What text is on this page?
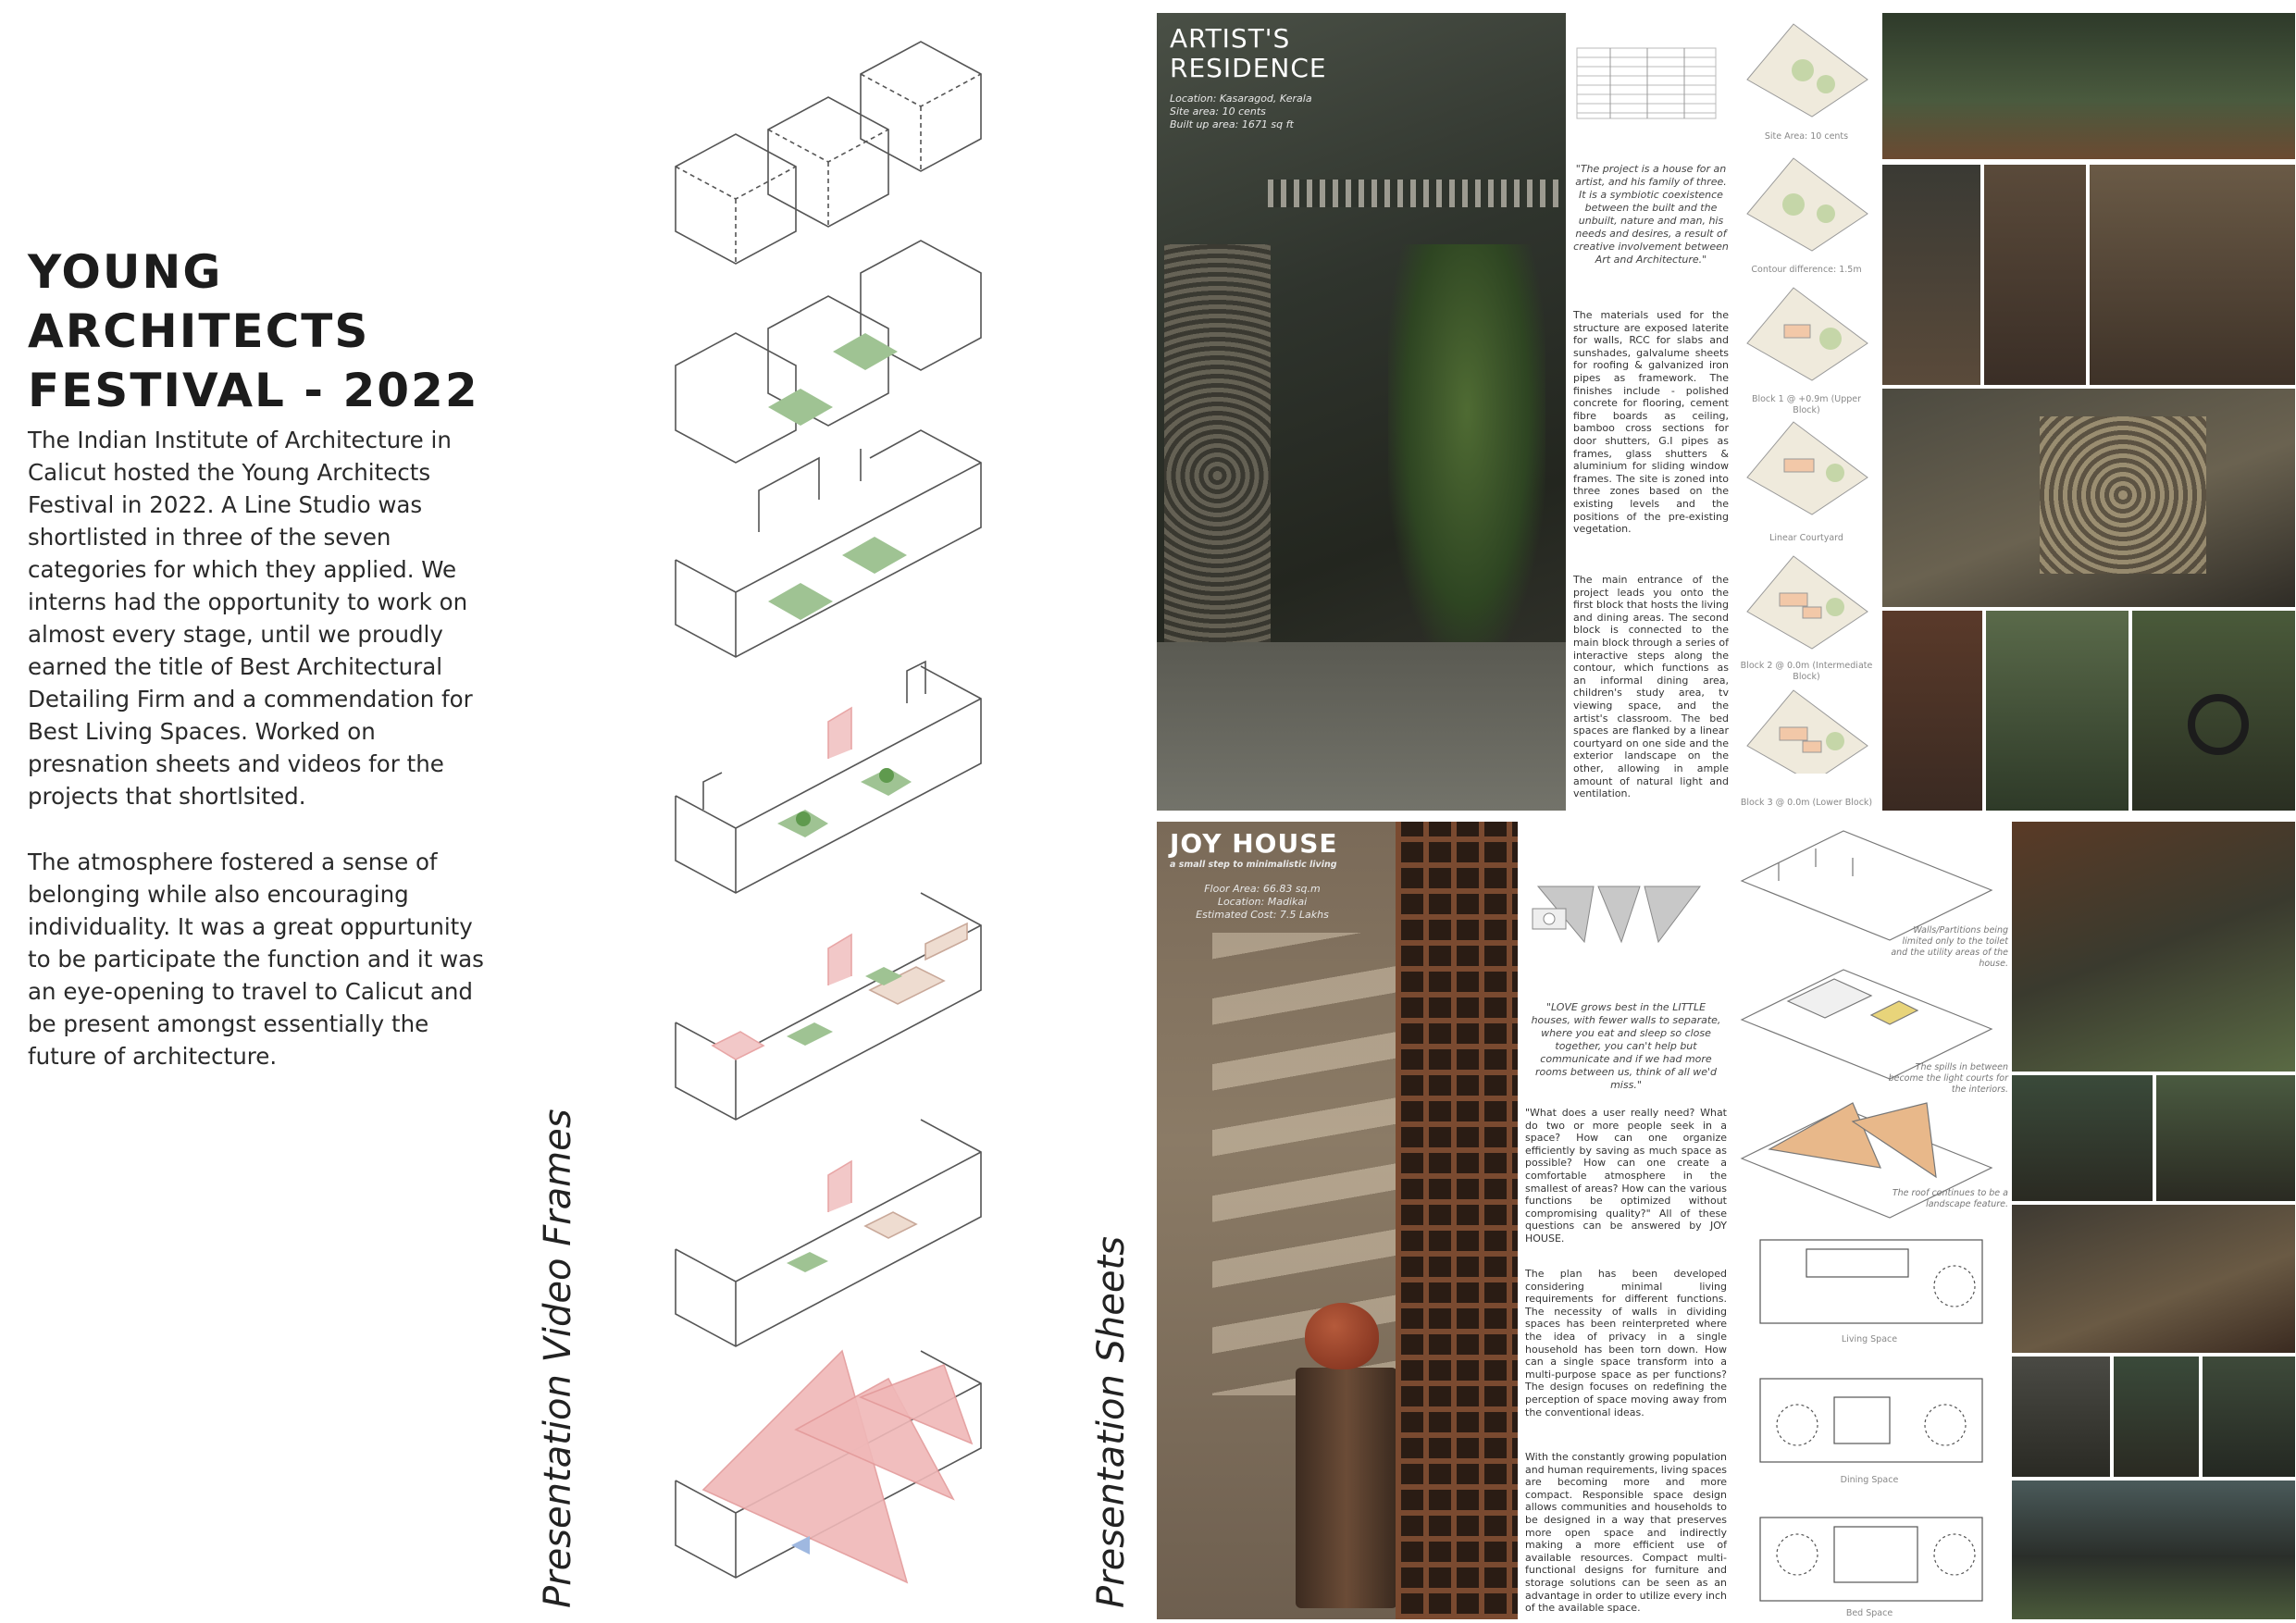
YOUNG ARCHITECTS
FESTIVAL - 2022

The Indian Institute of Architecture in Calicut hosted the Young Architects Festival in 2022. A Line Studio was shortlisted in three of the seven categories for which they applied. We interns had the opportunity to work on almost every stage, until we proudly earned the title of Best Architectural Detailing Firm and a commendation for Best Living Spaces. Worked on presnation sheets and videos for the projects that shortlsited.

The atmosphere fostered a sense of belonging while also encouraging individuality. It was a great oppurtunity to be participate the function and it was an eye-opening to travel to Calicut and be present amongst essentially the future of architecture.

Presentation Video Frames	Presentation Sheets

ARTIST'S

RESIDENCE

Location: Kasaragod, Kerala

Site area: 10 cents

Built up area: 1671 sq ft

"The project is a house for an artist, and his family of three. It is a symbiotic coexistence between the built and the unbuilt, nature and man, his needs and desires, a result of creative involvement between Art and Architecture."

The materials used for the structure are exposed laterite for walls, RCC for slabs and sunshades, galvalume sheets for roofing & galvanized iron pipes as framework. The finishes include - polished concrete for flooring, cement fibre boards as ceiling, bamboo cross sections for door shutters, G.I pipes as frames, glass shutters & aluminium for sliding window frames. The site is zoned into three zones based on the existing levels and the positions of the pre-existing vegetation.

The main entrance of the project leads you onto the first block that hosts the living and dining areas. The second block is connected to the main block through a series of interactive steps along the contour, which functions as an informal dining area, children's study area, tv viewing space, and the artist's classroom. The bed spaces are flanked by a linear courtyard on one side and the exterior landscape on the other, allowing in ample amount of natural light and ventilation.

Site Area: 10 cents

Contour difference: 1.5m

Block 1 @ +0.9m (Upper Block)

Linear Courtyard

Block 2 @ 0.0m (Intermediate Block)

Block 3 @ 0.0m (Lower Block)

JOY HOUSE

a small step to minimalistic living

Floor Area: 66.83 sq.m

Location: Madikai

Estimated Cost: 7.5 Lakhs

"LOVE grows best in the LITTLE houses, with fewer walls to separate, where you eat and sleep so close together, you can't help but communicate and if we had more rooms between us, think of all we'd miss."

"What does a user really need? What do two or more people seek in a space? How can one organize efficiently by saving as much space as possible? How can one create a comfortable atmosphere in the smallest of areas? How can the various functions be optimized without compromising quality?" All of these questions can be answered by JOY HOUSE.

The plan has been developed considering minimal living requirements for different functions. The necessity of walls in dividing spaces has been reinterpreted where the idea of privacy in a single household has been torn down. How can a single space transform into a multi-purpose space as per functions? The design focuses on redefining the perception of space moving away from the conventional ideas.

With the constantly growing population and human requirements, living spaces are becoming more and more compact. Responsible space design allows communities and households to be designed in a way that preserves more open space and indirectly making a more efficient use of available resources. Compact multi-functional designs for furniture and storage solutions can be seen as an advantage in order to utilize every inch of the available space.

Walls/Partitions being limited only to the toilet and the utility areas of the house.

The spills in between become the light courts for the interiors.

The roof continues to be a landscape feature.

Living Space

Dining Space

Bed Space
